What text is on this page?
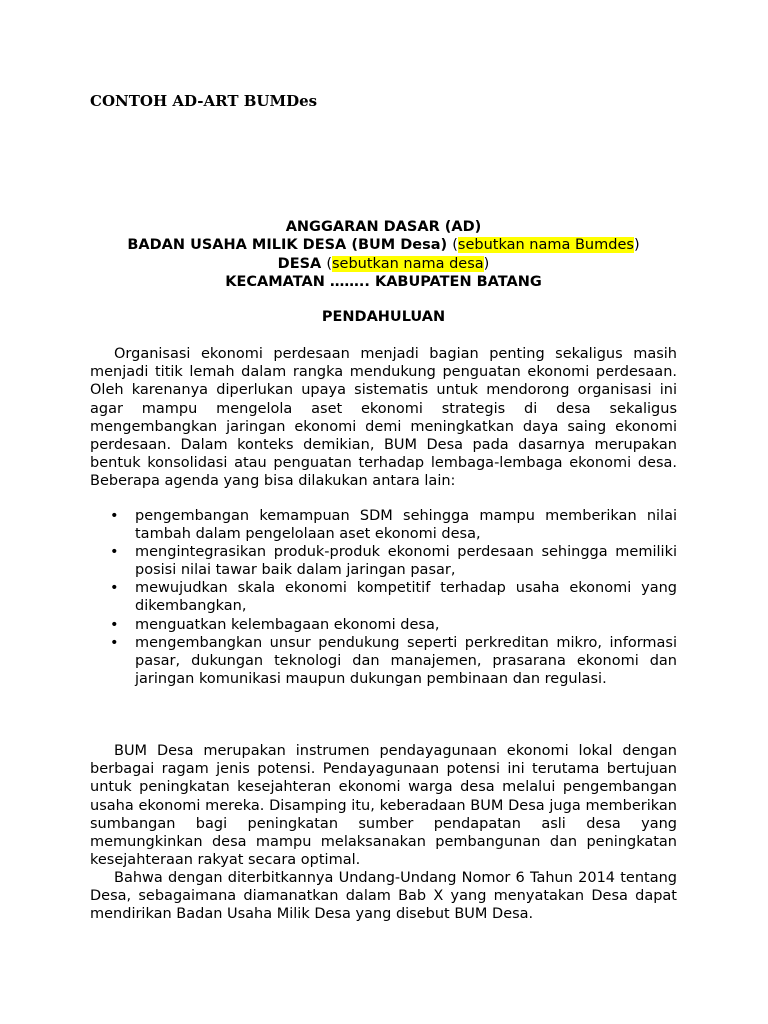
CONTOH AD-ART BUMDes
ANGGARAN DASAR (AD)
BADAN USAHA MILIK DESA (BUM Desa) (sebutkan nama Bumdes)
DESA (sebutkan nama desa)
KECAMATAN …….. KABUPATEN BATANG
PENDAHULUAN

Organisasi ekonomi perdesaan menjadi bagian penting sekaligus masih menjadi titik lemah dalam rangka mendukung penguatan ekonomi perdesaan. Oleh karenanya diperlukan upaya sistematis untuk mendorong organisasi ini agar mampu mengelola aset ekonomi strategis di desa sekaligus mengembangkan jaringan ekonomi demi meningkatkan daya saing ekonomi perdesaan. Dalam konteks demikian, BUM Desa pada dasarnya merupakan bentuk konsolidasi atau penguatan terhadap lembaga-lembaga ekonomi desa. Beberapa agenda yang bisa dilakukan antara lain:

• pengembangan kemampuan SDM sehingga mampu memberikan nilai tambah dalam pengelolaan aset ekonomi desa,
• mengintegrasikan produk-produk ekonomi perdesaan sehingga memiliki posisi nilai tawar baik dalam jaringan pasar,
• mewujudkan skala ekonomi kompetitif terhadap usaha ekonomi yang dikembangkan,
• menguatkan kelembagaan ekonomi desa,
• mengembangkan unsur pendukung seperti perkreditan mikro, informasi pasar, dukungan teknologi dan manajemen, prasarana ekonomi dan jaringan komunikasi maupun dukungan pembinaan dan regulasi.

BUM Desa merupakan instrumen pendayagunaan ekonomi lokal dengan berbagai ragam jenis potensi. Pendayagunaan potensi ini terutama bertujuan untuk peningkatan kesejahteran ekonomi warga desa melalui pengembangan usaha ekonomi mereka. Disamping itu, keberadaan BUM Desa juga memberikan sumbangan bagi peningkatan sumber pendapatan asli desa yang memungkinkan desa mampu melaksanakan pembangunan dan peningkatan kesejahteraan rakyat secara optimal.

Bahwa dengan diterbitkannya Undang-Undang Nomor 6 Tahun 2014 tentang Desa, sebagaimana diamanatkan dalam Bab X yang menyatakan Desa dapat mendirikan Badan Usaha Milik Desa yang disebut BUM Desa.
